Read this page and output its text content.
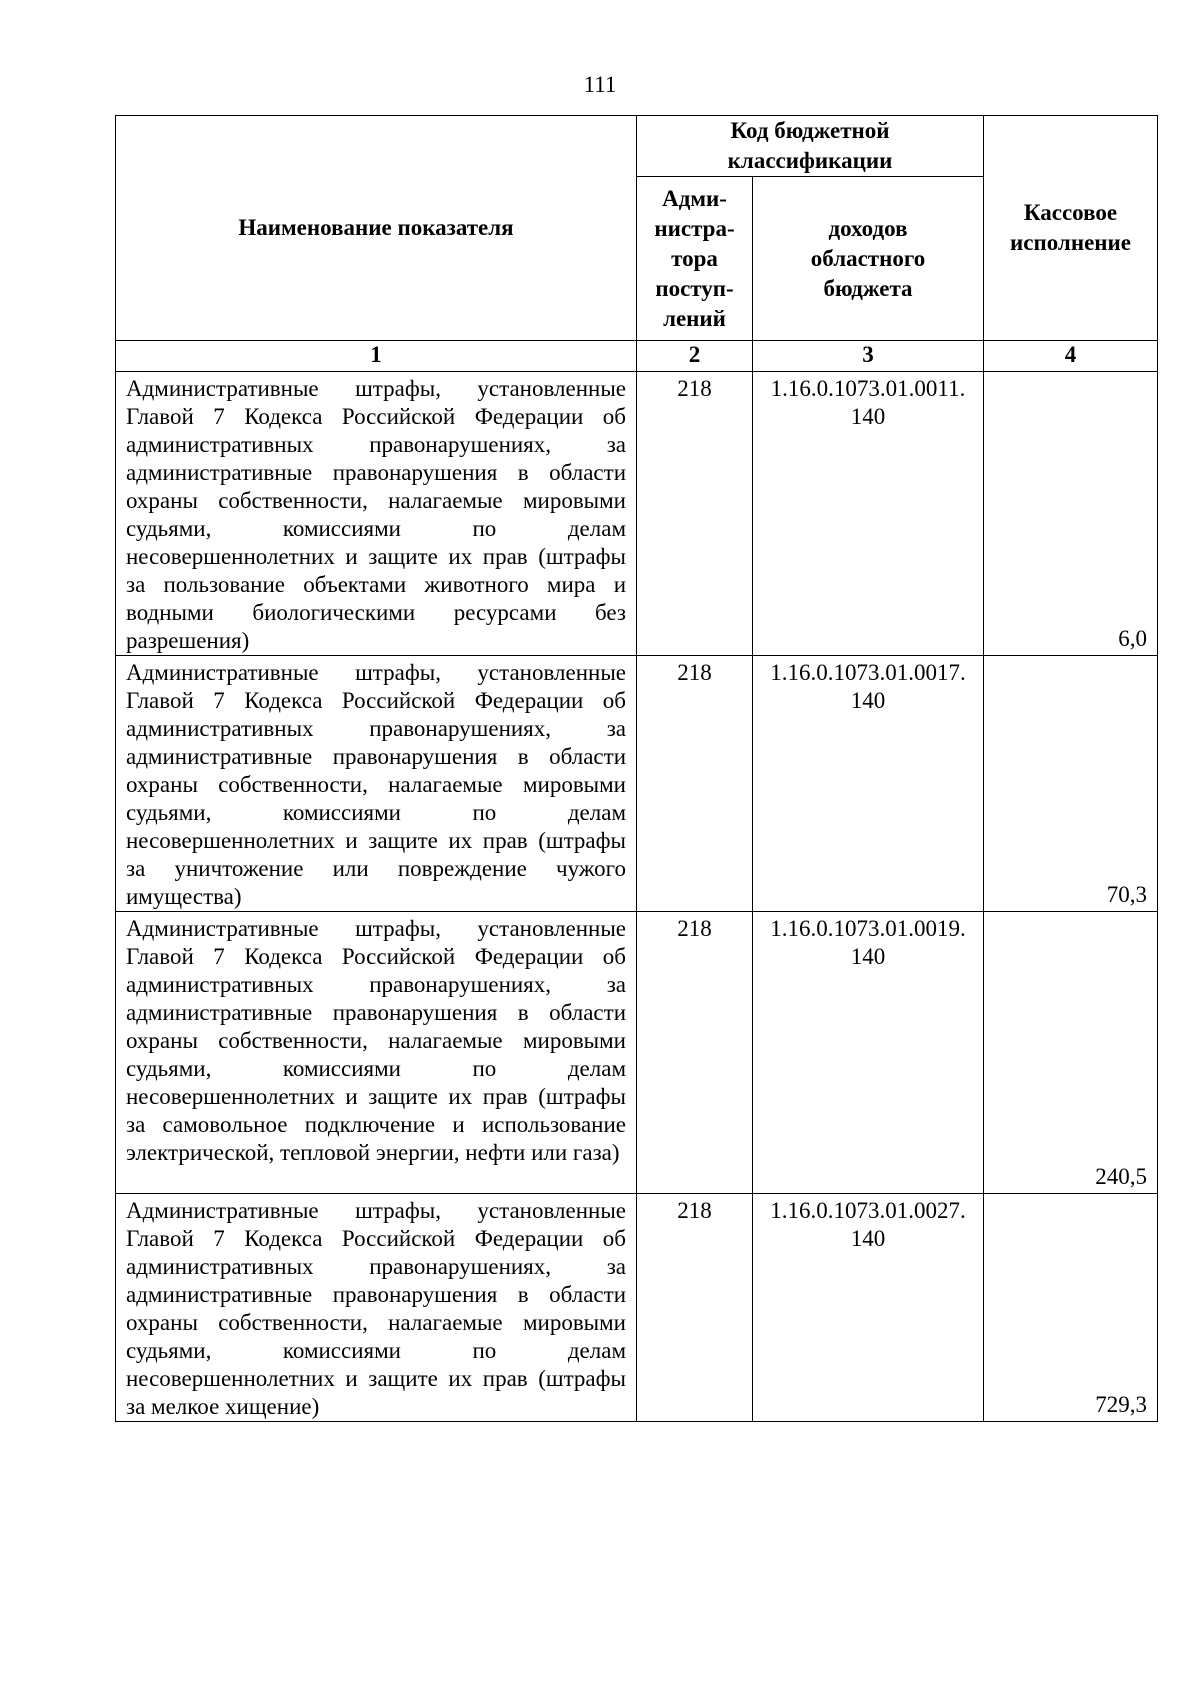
111
Наименование показателя	Код бюджетной классификации		Кассовое исполнение

	Адми-нистра-тора поступ-лений	доходов областного бюджета	

1	2	3	4
Административные штрафы, установленные Главой 7 Кодекса Российской Федерации об административных правонарушениях, за административные правонарушения в области охраны собственности, налагаемые мировыми судьями, комиссиями по делам несовершеннолетних и защите их прав (штрафы за пользование объектами животного мира и водными биологическими ресурсами без разрешения)	218	1.16.0.1073.01.0011. 140	6,0
Административные штрафы, установленные Главой 7 Кодекса Российской Федерации об административных правонарушениях, за административные правонарушения в области охраны собственности, налагаемые мировыми судьями, комиссиями по делам несовершеннолетних и защите их прав (штрафы за уничтожение или повреждение чужого имущества)	218	1.16.0.1073.01.0017. 140	70,3
Административные штрафы, установленные Главой 7 Кодекса Российской Федерации об административных правонарушениях, за административные правонарушения в области охраны собственности, налагаемые мировыми судьями, комиссиями по делам несовершеннолетних и защите их прав (штрафы за самовольное подключение и использование электрической, тепловой энергии, нефти или газа)	218	1.16.0.1073.01.0019. 140	240,5
Административные штрафы, установленные Главой 7 Кодекса Российской Федерации об административных правонарушениях, за административные правонарушения в области охраны собственности, налагаемые мировыми судьями, комиссиями по делам несовершеннолетних и защите их прав (штрафы за мелкое хищение)	218	1.16.0.1073.01.0027. 140	729,3
